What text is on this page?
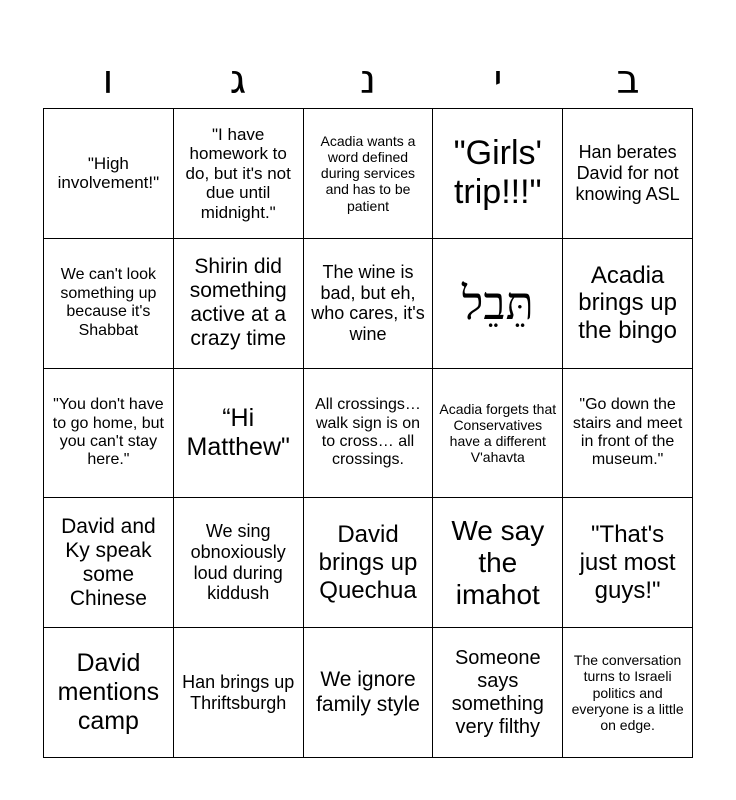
ו	ג	נ	י	ב
"High involvement!"
"I have homework to do, but it's not due until midnight."
Acadia wants a word defined during services and has to be patient
"Girls' trip!!!"
Han berates David for not knowing ASL
We can't look something up because it's Shabbat
Shirin did something active at a crazy time
The wine is bad, but eh, who cares, it's wine
תֵּבֵל
Acadia brings up the bingo
"You don't have to go home, but you can't stay here."
“Hi Matthew"
All crossings… walk sign is on to cross… all crossings.
Acadia forgets that Conservatives have a different V'ahavta
"Go down the stairs and meet in front of the museum."
David and Ky speak some Chinese
We sing obnoxiously loud during kiddush
David brings up Quechua
We say the imahot
"That's just most guys!"
David mentions camp
Han brings up Thriftsburgh
We ignore family style
Someone says something very filthy
The conversation turns to Israeli politics and everyone is a little on edge.
